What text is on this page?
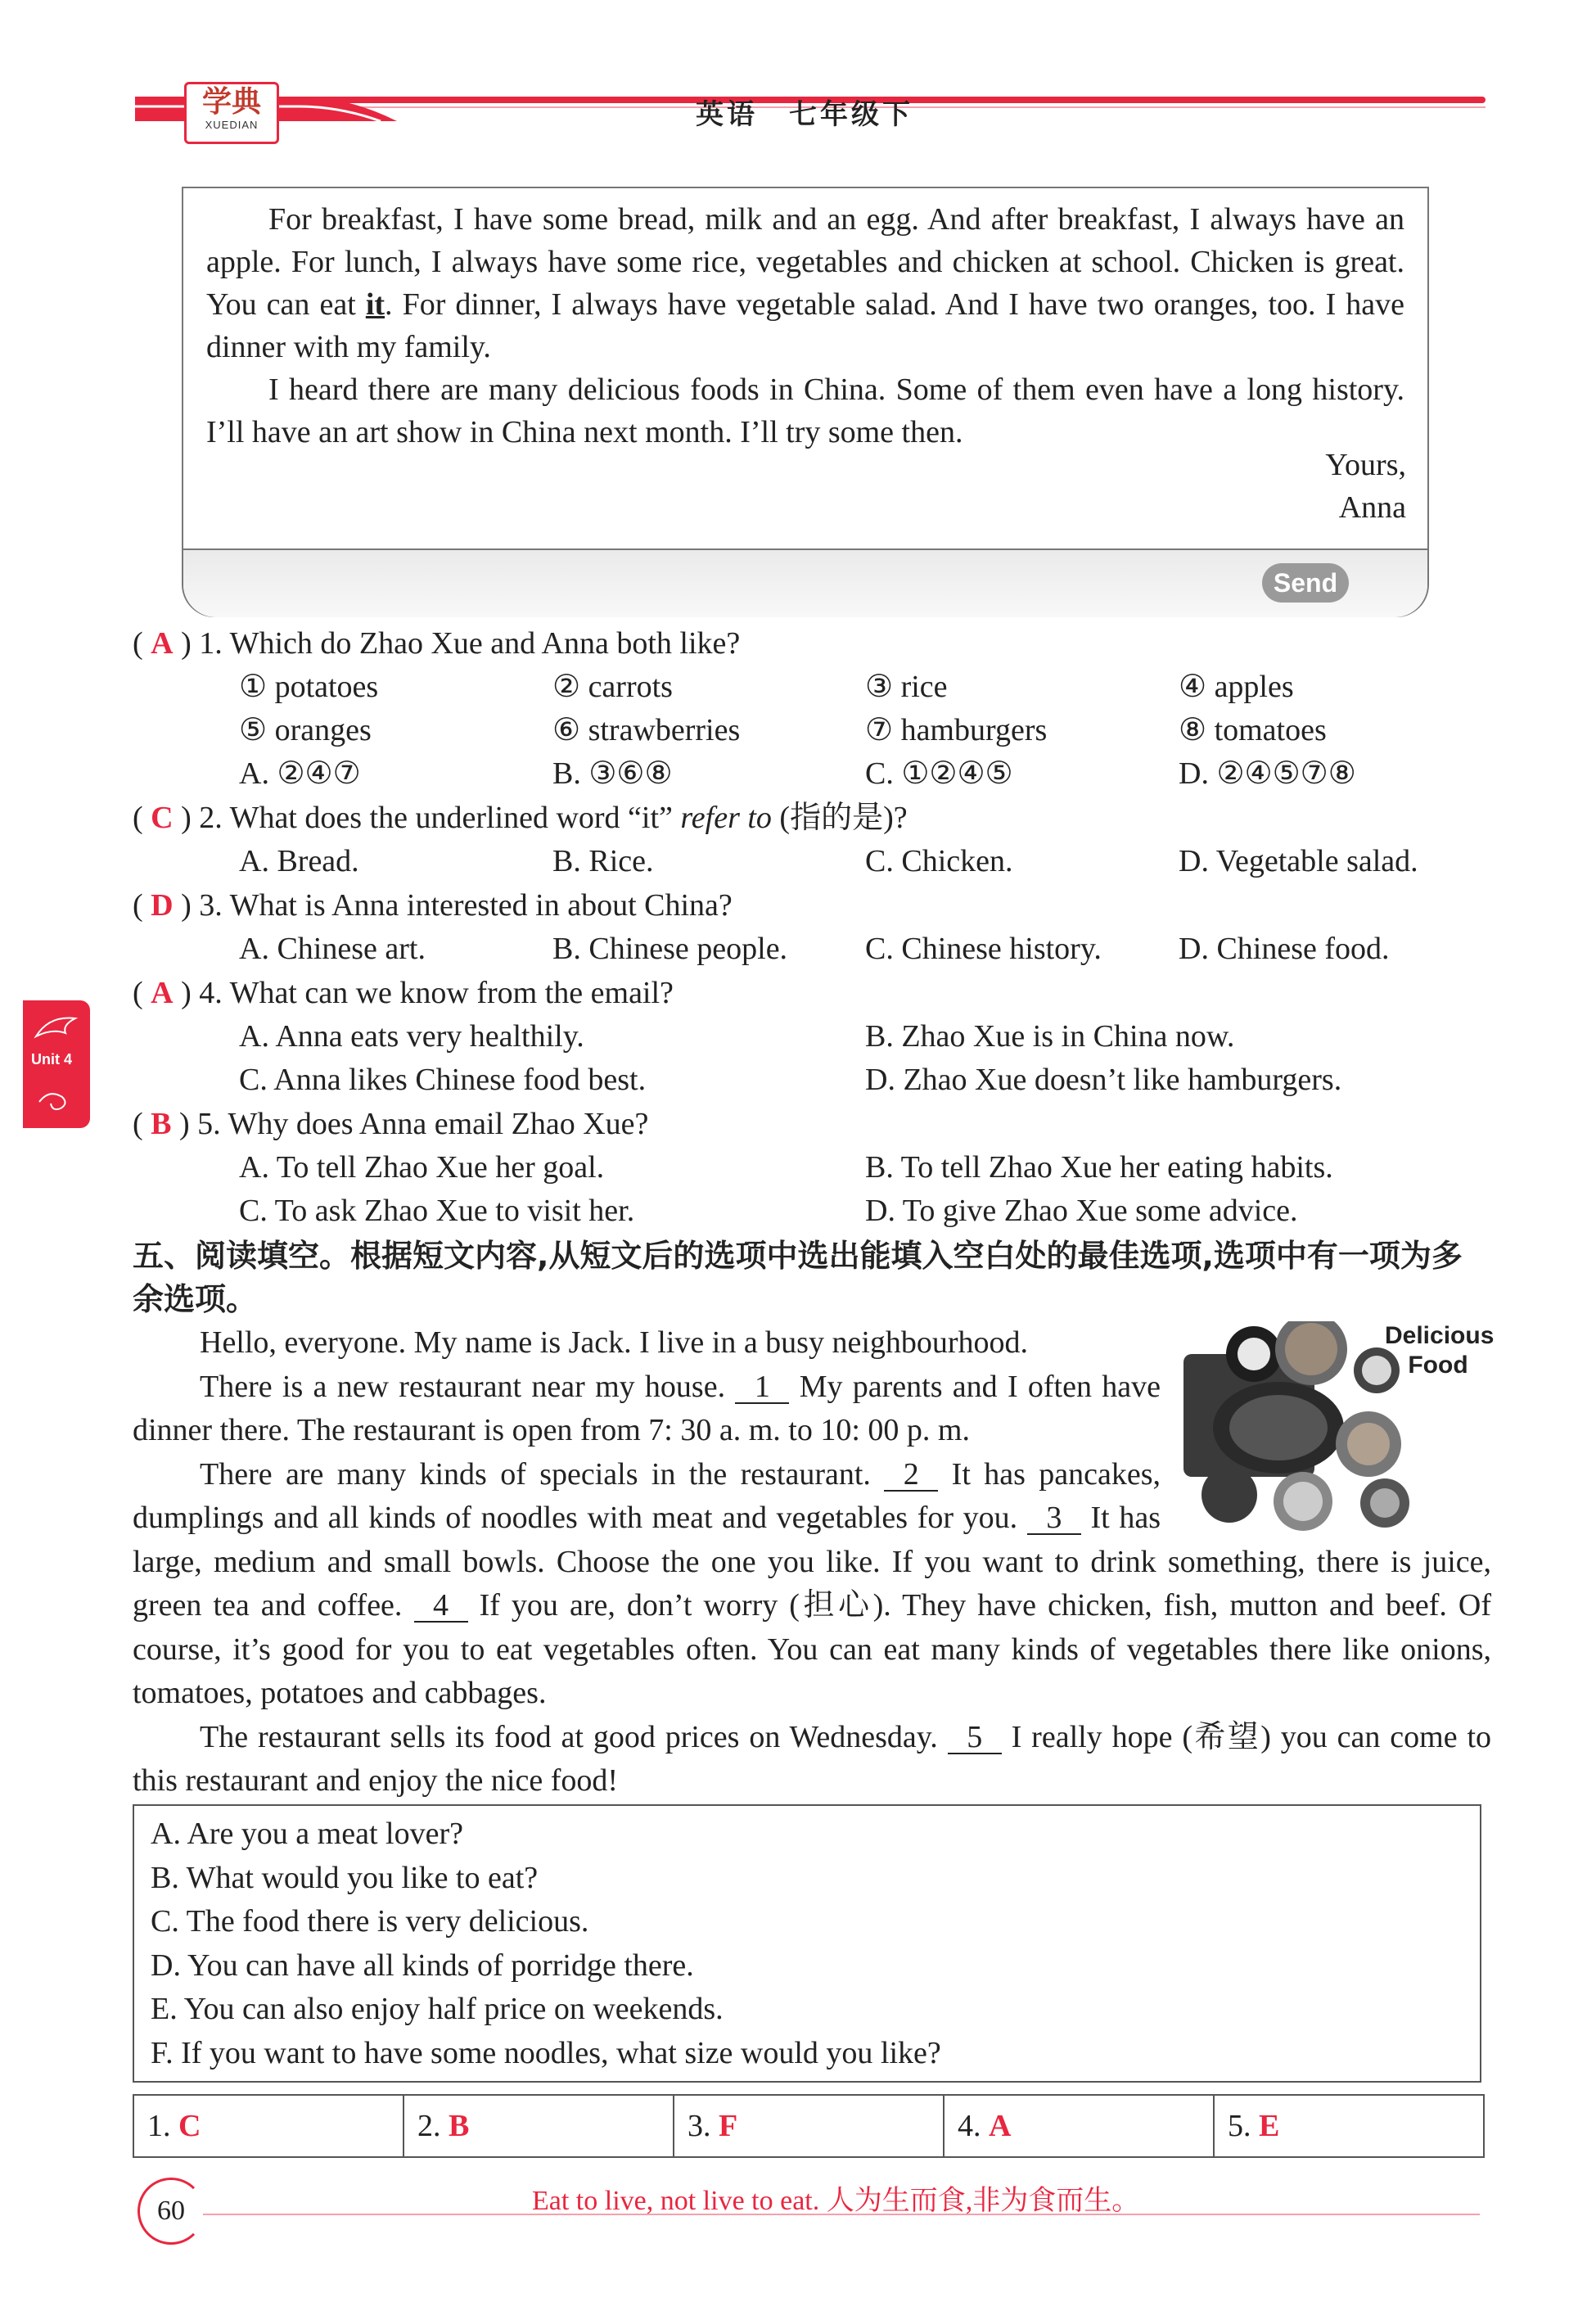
学典
XUEDIAN	英语　七年级下

For breakfast, I have some bread, milk and an egg. And after breakfast, I always have an apple. For lunch, I always have some rice, vegetables and chicken at school. Chicken is great. You can eat it. For dinner, I always have vegetable salad. And I have two oranges, too. I have dinner with my family.

I heard there are many delicious foods in China. Some of them even have a long history. I’ll have an art show in China next month. I’ll try some then.

Yours,
Anna
Send
( A ) 1. Which do Zhao Xue and Anna both like?
① potatoes	② carrots	③ rice	④ apples
⑤ oranges	⑥ strawberries	⑦ hamburgers	⑧ tomatoes
A. ②④⑦	B. ③⑥⑧	C. ①②④⑤	D. ②④⑤⑦⑧
( C ) 2. What does the underlined word “it” refer to (指的是)?
A. Bread.	B. Rice.	C. Chicken.	D. Vegetable salad.
( D ) 3. What is Anna interested in about China?
A. Chinese art.	B. Chinese people. C. Chinese history. D. Chinese food.
( A ) 4. What can we know from the email?
A. Anna eats very healthily.	B. Zhao Xue is in China now.
C. Anna likes Chinese food best.	D. Zhao Xue doesn’t like hamburgers.
( B ) 5. Why does Anna email Zhao Xue?
A. To tell Zhao Xue her goal.	B. To tell Zhao Xue her eating habits.
C. To ask Zhao Xue to visit her.	D. To give Zhao Xue some advice.
Unit 4
五、阅读填空。根据短文内容,从短文后的选项中选出能填入空白处的最佳选项,选项中有一项为多余选项。
Delicious
Food

Hello, everyone. My name is Jack. I live in a busy neighbourhood.

There is a new restaurant near my house. 1 My parents and I often have dinner there. The restaurant is open from 7: 30 a. m. to 10: 00 p. m.

There are many kinds of specials in the restaurant. 2 It has pancakes, dumplings and all kinds of noodles with meat and vegetables for you. 3 It has large, medium and small bowls. Choose the one you like. If you want to drink something, there is juice, green tea and coffee. 4 If you are, don’t worry (担心). They have chicken, fish, mutton and beef. Of course, it’s good for you to eat vegetables often. You can eat many kinds of vegetables there like onions, tomatoes, potatoes and cabbages.

The restaurant sells its food at good prices on Wednesday. 5 I really hope (希望) you can come to this restaurant and enjoy the nice food!

A. Are you a meat lover?
B. What would you like to eat?
C. The food there is very delicious.
D. You can have all kinds of porridge there.
E. You can also enjoy half price on weekends.
F. If you want to have some noodles, what size would you like?
1. C	2. B	3. F	4. A	5. E
60	Eat to live, not live to eat. 人为生而食,非为食而生。
